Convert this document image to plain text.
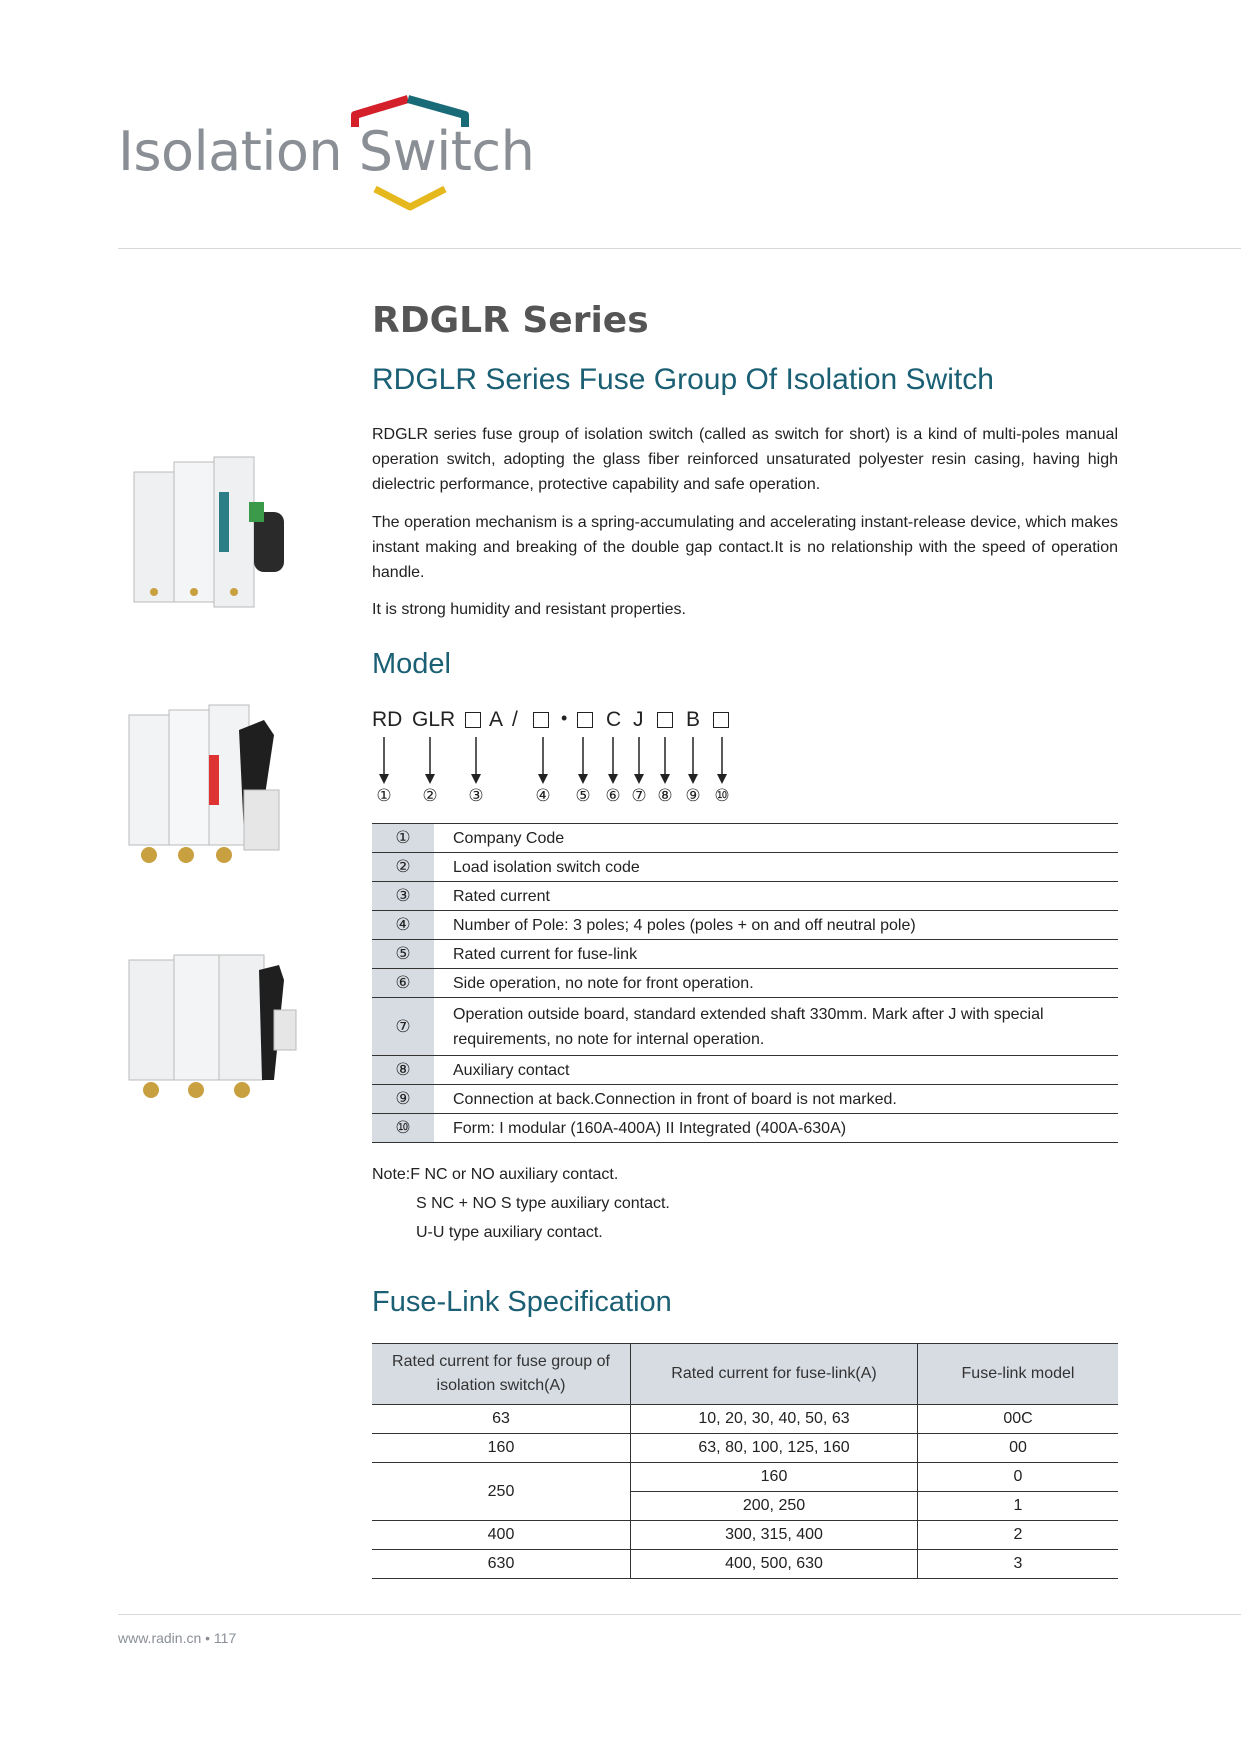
Isolation Switch
RDGLR Series
RDGLR Series Fuse Group Of Isolation Switch
RDGLR series fuse group of isolation switch (called as switch for short) is a kind of multi-poles manual operation switch, adopting the glass fiber reinforced unsaturated polyester resin casing, having high dielectric performance, protective capability and safe operation.
The operation mechanism is a spring-accumulating and accelerating instant-release device, which makes instant making and breaking of the double gap contact.It is no relationship with the speed of operation handle.
It is strong humidity and resistant properties.
Model
RD GLR A / • C J B
① ② ③	④ ⑤ ⑥ ⑦ ⑧ ⑨ ⑩
①	Company Code
②	Load isolation switch code
③	Rated current
④	Number of Pole: 3 poles; 4 poles (poles + on and off neutral pole)
⑤	Rated current for fuse-link
⑥	Side operation, no note for front operation.
⑦	Operation outside board, standard extended shaft 330mm. Mark after J with special requirements, no note for internal operation.
⑧	Auxiliary contact
⑨	Connection at back.Connection in front of board is not marked.
⑩	Form: I modular (160A-400A) II Integrated (400A-630A)
Note:F NC or NO auxiliary contact.
S NC + NO S type auxiliary contact.
U-U type auxiliary contact.
Fuse-Link Specification
Rated current for fuse group of isolation switch(A)	Rated current for fuse-link(A)	Fuse-link model
63	10, 20, 30, 40, 50, 63	00C
160	63, 80, 100, 125, 160	00
250	160	0
	200, 250	1
400	300, 315, 400	2
630	400, 500, 630	3
www.radin.cn • 117
